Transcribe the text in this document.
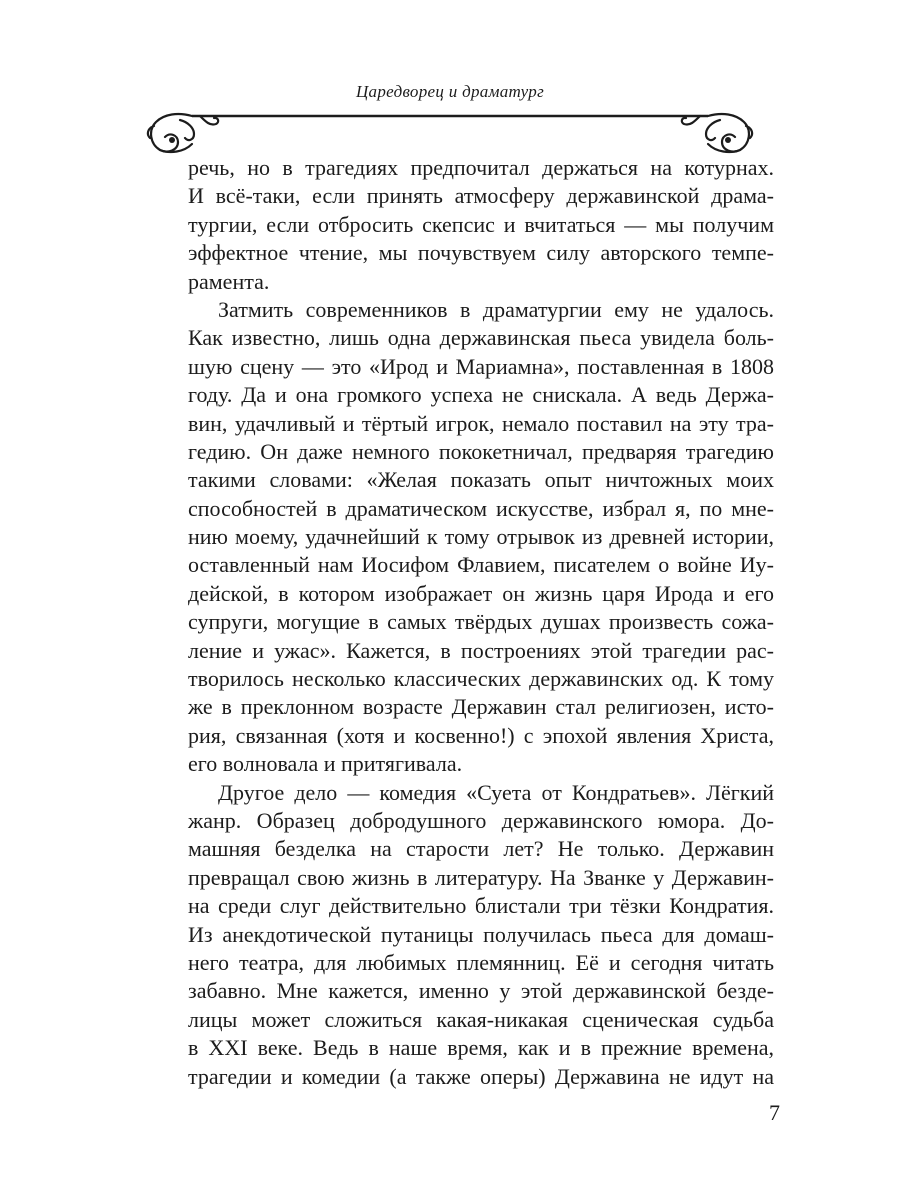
Царедворец и драматург
речь, но в трагедиях предпочитал держаться на котурнах.
И всё-таки, если принять атмосферу державинской драма-
тургии, если отбросить скепсис и вчитаться — мы получим
эффектное чтение, мы почувствуем силу авторского темпе-
рамента.
Затмить современников в драматургии ему не удалось.
Как известно, лишь одна державинская пьеса увидела боль-
шую сцену — это «Ирод и Мариамна», поставленная в 1808
году. Да и она громкого успеха не снискала. А ведь Держа-
вин, удачливый и тёртый игрок, немало поставил на эту тра-
гедию. Он даже немного пококетничал, предваряя трагедию
такими словами: «Желая показать опыт ничтожных моих
способностей в драматическом искусстве, избрал я, по мне-
нию моему, удачнейший к тому отрывок из древней истории,
оставленный нам Иосифом Флавием, писателем о войне Иу-
дейской, в котором изображает он жизнь царя Ирода и его
супруги, могущие в самых твёрдых душах произвесть сожа-
ление и ужас». Кажется, в построениях этой трагедии рас-
творилось несколько классических державинских од. К тому
же в преклонном возрасте Державин стал религиозен, исто-
рия, связанная (хотя и косвенно!) с эпохой явления Христа,
его волновала и притягивала.
Другое дело — комедия «Суета от Кондратьев». Лёгкий
жанр. Образец добродушного державинского юмора. До-
машняя безделка на старости лет? Не только. Державин
превращал свою жизнь в литературу. На Званке у Державин-
на среди слуг действительно блистали три тёзки Кондратия.
Из анекдотической путаницы получилась пьеса для домаш-
него театра, для любимых племянниц. Её и сегодня читать
забавно. Мне кажется, именно у этой державинской безде-
лицы может сложиться какая-никакая сценическая судьба
в XXI веке. Ведь в наше время, как и в прежние времена,
трагедии и комедии (а также оперы) Державина не идут на
7
